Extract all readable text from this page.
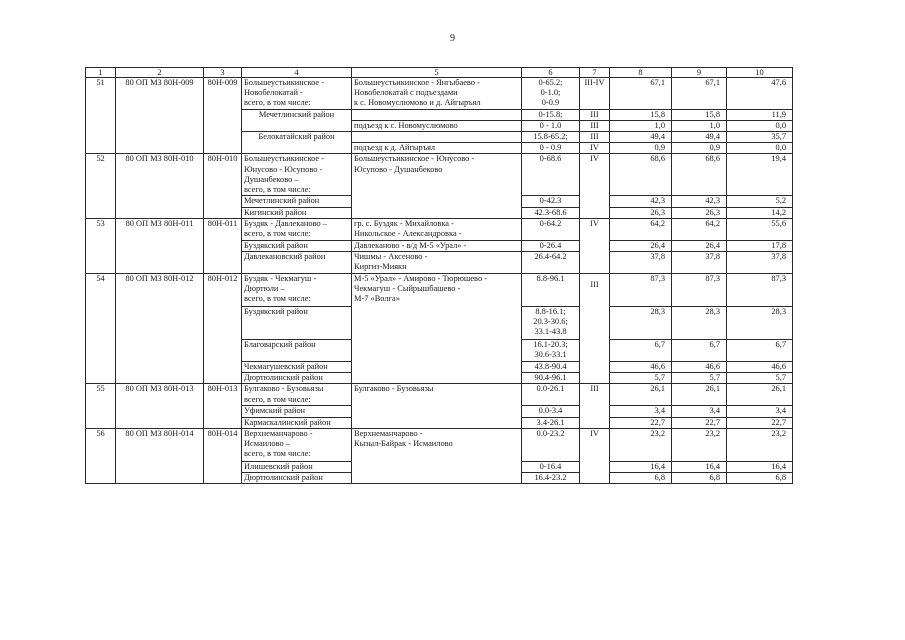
9
1	2	3	4	5	6	7	8	9	10
51	80 ОП МЗ 80Н-009	80Н-009	Большеустьикинское -
Новобелокатай -
всего, в том числе:	Большеустьикинское - Янгыбаево -
Новобелокатай с подъездами
к с. Новомуслюмово и д. Айгыръял	0-65.2;
0-1.0;
0-0.9	III-IV	67,1	67,1	47,6
			Мечетлинский район		0-15.8;	III	15,8	15,8	11,9
				подъезд к с. Новомуслюмово	0 - 1.0	III	1,0	1,0	0,0
			Белокатайский район		15.8-65.2;	III	49,4	49,4	35,7
				подъезд к д. Айгыръял	0 - 0.9	IV	0,9	0,9	0,0
52	80 ОП МЗ 80Н-010	80Н-010	Большеустьикинское -
Юнусово - Юсупово -
Душанбеково –
всего, в том числе:	Большеустьикинское - Юнусово -
Юсупово - Душанбеково	0-68.6	IV	68,6	68,6	19,4
			Мечетлинский район		0-42.3		42,3	42,3	5,2
			Кигинский район		42.3-68.6		26,3	26,3	14,2
53	80 ОП МЗ 80Н-011	80Н-011	Буздяк - Давлеканово –
всего, в том числе:	гр. с. Буздяк - Михайловка -
Никольское - Александровка -	0-64.2	IV	64,2	64,2	55,6
			Буздякский район	Давлеканово - в/д М-5 «Урал» -	0-26.4		26,4	26,4	17,8
			Давлекановский район	Чишмы - Аксеново -
Киргиз-Миякн	26.4-64.2		37,8	37,8	37,8
54	80 ОП МЗ 80Н-012	80Н-012	Буздяк - Чекмагуш -
Дюртюли –
всего, в том числе:	М-5 «Урал» - Амирово - Тюрюшево -
Чекмагуш - Сыйрышбашево -
М-7 «Волга»	8.8-96.1	III	87,3	87,3	87,3
			Буздякский район		8.8-16.1;
20.3-30.6;
33.1-43.8		28,3	28,3	28,3
			Благоварский район		16.1-20.3;
30.6-33.1		6,7	6,7	6,7
			Чекмагушевский район		43.8-90.4		46,6	46,6	46,6
			Дюртюлинский район		90.4-96.1		5,7	5,7	5,7
55	80 ОП МЗ 80Н-013	80Н-013	Булгаково - Бузовьязы
всего, в том числе:	Булгаково - Бузовьязы	0.0-26.1	III	26,1	26,1	26,1
			Уфимский район		0.0-3.4		3,4	3,4	3,4
			Кармаскалинский район		3.4-26.1		22,7	22,7	22,7
56	80 ОП МЗ 80Н-014	80Н-014	Верхнеманчарово -
Исмаилово –
всего, в том числе:	Верхнеманчарово -
Кызыл-Байрак - Исмаилово	0.0-23.2	IV	23,2	23,2	23,2
			Илишевский район		0-16.4		16,4	16,4	16,4
			Дюртюлинский район		16.4-23.2		6,8	6,8	6,8
